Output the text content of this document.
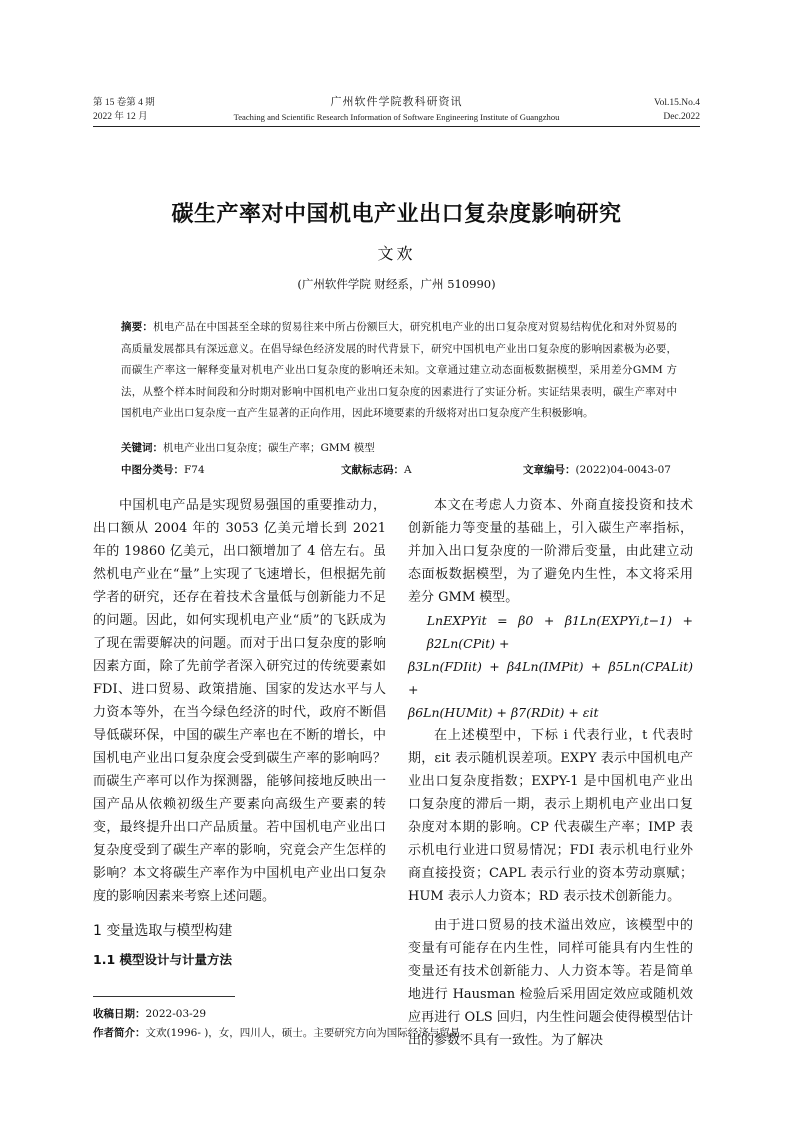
第 15 卷第 4 期
2022 年 12 月
广州软件学院教科研资讯
Teaching and Scientific Research Information of Software Engineering Institute of Guangzhou
Vol.15.No.4
Dec.2022
碳生产率对中国机电产业出口复杂度影响研究
文欢
(广州软件学院 财经系，广州 510990)
摘要：机电产品在中国甚至全球的贸易往来中所占份额巨大，研究机电产业的出口复杂度对贸易结构优化和对外贸易的高质量发展都具有深远意义。在倡导绿色经济发展的时代背景下，研究中国机电产业出口复杂度的影响因素极为必要，而碳生产率这一解释变量对机电产业出口复杂度的影响还未知。文章通过建立动态面板数据模型，采用差分GMM 方法，从整个样本时间段和分时期对影响中国机电产业出口复杂度的因素进行了实证分析。实证结果表明，碳生产率对中国机电产业出口复杂度一直产生显著的正向作用，因此环境要素的升级将对出口复杂度产生积极影响。
关键词：机电产业出口复杂度；碳生产率；GMM 模型
中图分类号：F74	文献标志码：A	文章编号：(2022)04-0043-07

中国机电产品是实现贸易强国的重要推动力，出口额从 2004 年的 3053 亿美元增长到 2021 年的 19860 亿美元，出口额增加了 4 倍左右。虽然机电产业在“量”上实现了飞速增长，但根据先前学者的研究，还存在着技术含量低与创新能力不足的问题。因此，如何实现机电产业“质”的飞跃成为了现在需要解决的问题。而对于出口复杂度的影响因素方面，除了先前学者深入研究过的传统要素如 FDI、进口贸易、政策措施、国家的发达水平与人力资本等外，在当今绿色经济的时代，政府不断倡导低碳环保，中国的碳生产率也在不断的增长，中国机电产业出口复杂度会受到碳生产率的影响吗？而碳生产率可以作为探测器，能够间接地反映出一国产品从依赖初级生产要素向高级生产要素的转变，最终提升出口产品质量。若中国机电产业出口复杂度受到了碳生产率的影响，究竟会产生怎样的影响？本文将碳生产率作为中国机电产业出口复杂度的影响因素来考察上述问题。

1 变量选取与模型构建
1.1 模型设计与计量方法

本文在考虑人力资本、外商直接投资和技术创新能力等变量的基础上，引入碳生产率指标，并加入出口复杂度的一阶滞后变量，由此建立动态面板数据模型，为了避免内生性，本文将采用差分 GMM 模型。

LnEXPYit = β0 + β1Ln(EXPYi,t−1) + β2Ln(CPit) +
β3Ln(FDIit) + β4Ln(IMPit) + β5Ln(CPALit) +
β6Ln(HUMit) + β7(RDit) + εit

在上述模型中，下标 i 代表行业，t 代表时期，εit 表示随机误差项。EXPY 表示中国机电产业出口复杂度指数；EXPY-1 是中国机电产业出口复杂度的滞后一期，表示上期机电产业出口复杂度对本期的影响。CP 代表碳生产率；IMP 表示机电行业进口贸易情况；FDI 表示机电行业外商直接投资；CAPL 表示行业的资本劳动禀赋；HUM 表示人力资本；RD 表示技术创新能力。

由于进口贸易的技术溢出效应，该模型中的变量有可能存在内生性，同样可能具有内生性的变量还有技术创新能力、人力资本等。若是简单地进行 Hausman 检验后采用固定效应或随机效应再进行 OLS 回归，内生性问题会使得模型估计出的参数不具有一致性。为了解决

收稿日期：2022-03-29
作者简介：文欢(1996- )，女，四川人，硕士。主要研究方向为国际经济与贸易。
